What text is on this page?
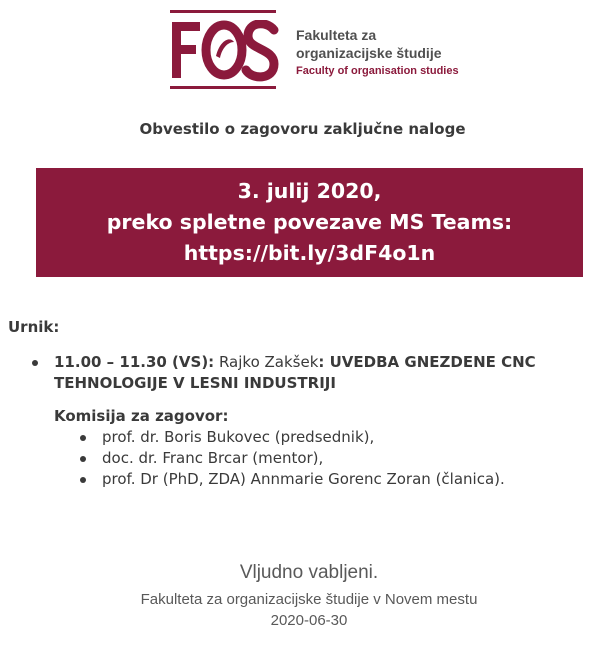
Fakulteta za
organizacijske študije
Faculty of organisation studies
Obvestilo o zagovoru zaključne naloge
3. julij 2020,
preko spletne povezave MS Teams:
https://bit.ly/3dF4o1n
Urnik:
11.00 – 11.30 (VS): Rajko Zakšek: UVEDBA GNEZDENE CNC TEHNOLOGIJE V LESNI INDUSTRIJI
Komisija za zagovor:
prof. dr. Boris Bukovec (predsednik),
doc. dr. Franc Brcar (mentor),
prof. Dr (PhD, ZDA) Annmarie Gorenc Zoran (članica).
Vljudno vabljeni.
Fakulteta za organizacijske študije v Novem mestu
2020-06-30
